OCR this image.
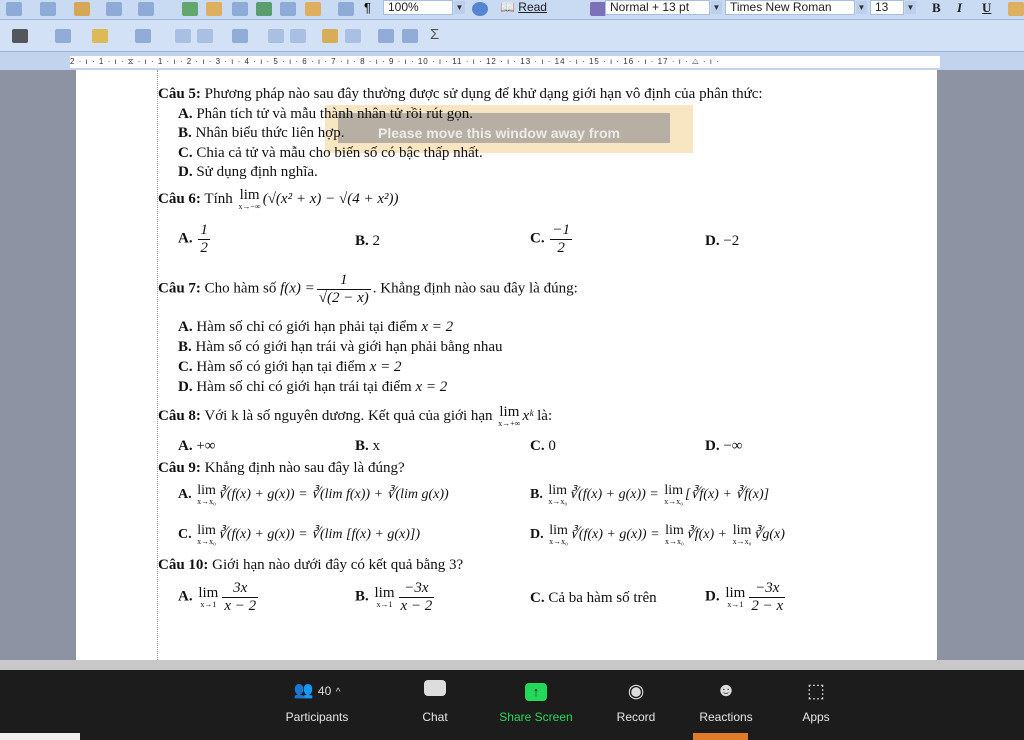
¶	100%	▼	📖 Read	Normal + 13 pt	▼ Times New Roman	▼ 13	▼ B I U
Σ
2 · ı · 1 · ı · ⧖ · ı · 1 · ı · 2 · ı · 3 · ı · 4 · ı · 5 · ı · 6 · ı · 7 · ı · 8 · ı · 9 · ı · 10 · ı · 11 · ı · 12 · ı · 13 · ı · 14 · ı · 15 · ı · 16 · ı · 17 · ı · △ · ı ·
Câu 5: Phương pháp nào sau đây thường được sử dụng để khử dạng giới hạn vô định của phân thức:
A. Phân tích tử và mẫu thành nhân tử rồi rút gọn.
B. Nhân biểu thức liên hợp.
C. Chia cả tử và mẫu cho biến số có bậc thấp nhất.
D. Sử dụng định nghĩa.
Please move this window away from
Câu 6: Tính lim
x→−∞ (√(x² + x) − √(4 + x²))
A. $\frac{1}{2}$	B. 2	C. $\frac{-1}{2}$	D. −2
Câu 7: Cho hàm số $f(x) = \frac{1}{√(2 - x)}$ . Khẳng định nào sau đây là đúng:
A. Hàm số chỉ có giới hạn phải tại điểm x = 2
B. Hàm số có giới hạn trái và giới hạn phải bằng nhau
C. Hàm số có giới hạn tại điểm x = 2
D. Hàm số chỉ có giới hạn trái tại điểm x = 2
Câu 8: Với k là số nguyên dương. Kết quả của giới hạn lim
x→+∞ xᵏ là:
A. +∞	B. x	C. 0	D. −∞
Câu 9: Khẳng định nào sau đây là đúng?
A. lim
x→x₀ ∛(f(x) + g(x)) = ∛(lim f(x)) + ∛(lim g(x))	B. lim
x→x₀ ∛(f(x) + g(x)) = lim
x→x₀ [∛f(x) + ∛f(x)]
C. lim
x→x₀ ∛(f(x) + g(x)) = ∛(lim [f(x) + g(x)])	D. lim
x→x₀ ∛(f(x) + g(x)) = lim
x→x₀ ∛f(x) + lim
x→x₀ ∛g(x)
Câu 10: Giới hạn nào dưới đây có kết quả bằng 3?
A. lim
$x\to 1 \frac{3x}{x - 2}$	B. lim
$x\to 1 \frac{-3x}{x - 2}$	C. Cả ba hàm số trên	D. lim
$x\to 1 \frac{-3x}{2 - x}$
👥 40 ^
Participants	Chat
↑
Share Screen
◉
Record
☻
Reactions
⬚
Apps
